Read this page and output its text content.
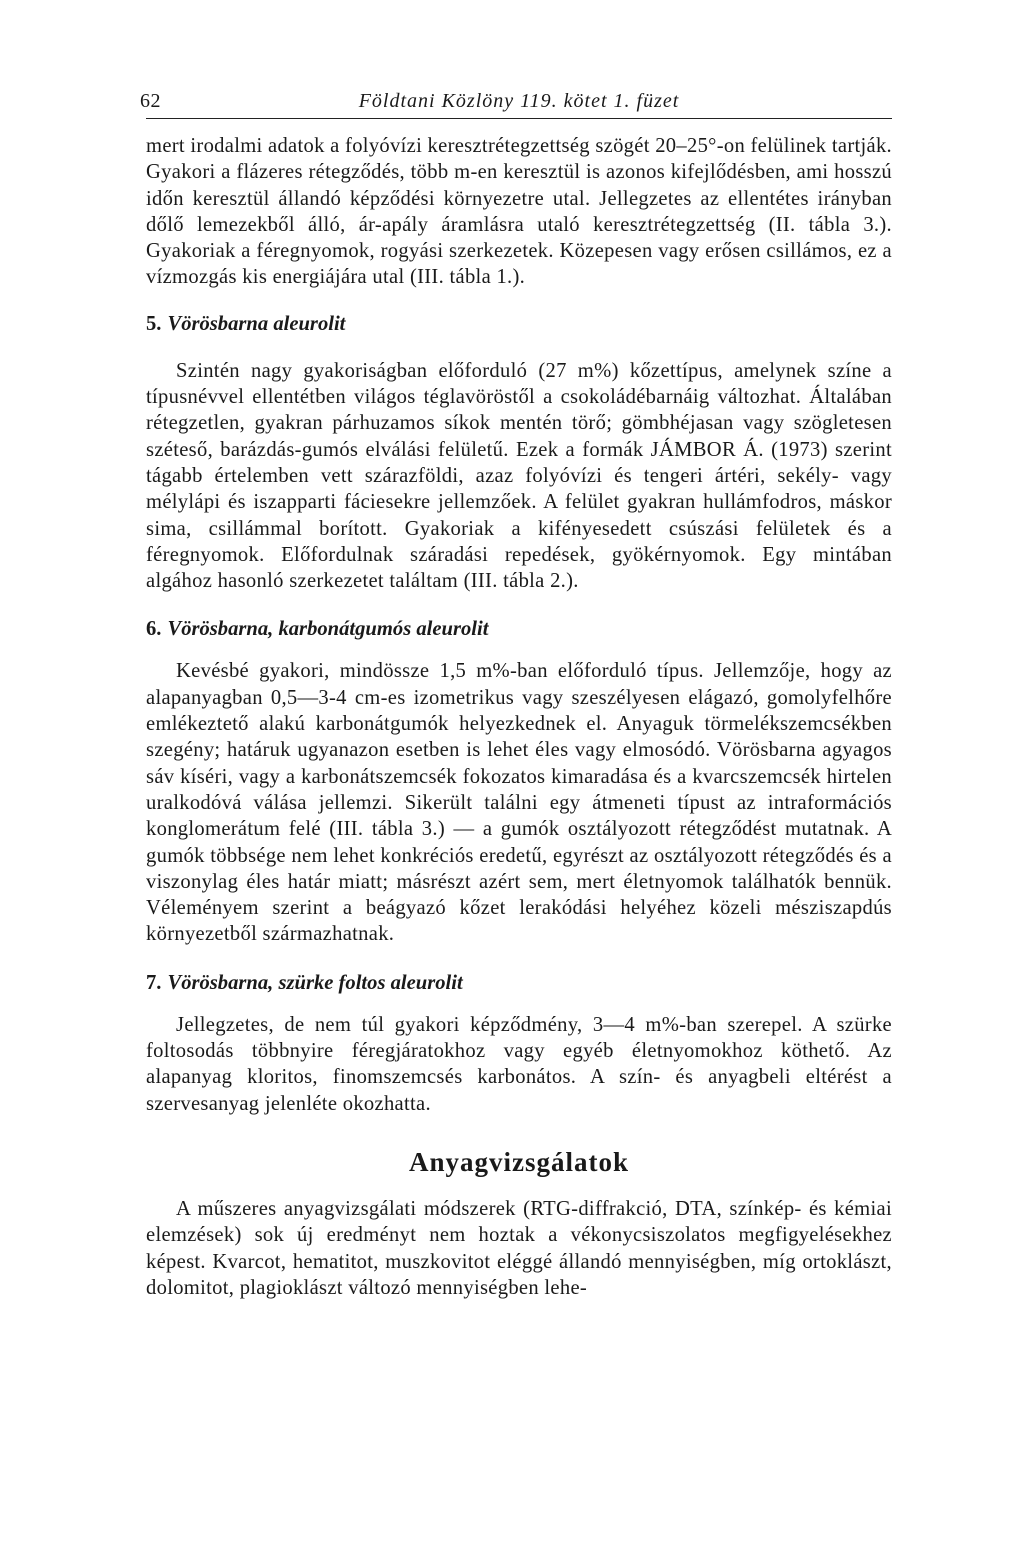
62	Földtani Közlöny 119. kötet 1. füzet

mert irodalmi adatok a folyóvízi keresztrétegzettség szögét 20–25°-on felülinek tartják. Gyakori a flázeres rétegződés, több m-en keresztül is azonos kifejlődésben, ami hosszú időn keresztül állandó képződési környezetre utal. Jellegzetes az ellentétes irányban dőlő lemezekből álló, ár-apály áramlásra utaló keresztrétegzettség (II. tábla 3.). Gyakoriak a féregnyomok, rogyási szerkezetek. Közepesen vagy erősen csillámos, ez a vízmozgás kis energiájára utal (III. tábla 1.).

5. Vörösbarna aleurolit

Szintén nagy gyakoriságban előforduló (27 m%) kőzettípus, amelynek színe a típusnévvel ellentétben világos téglavöröstől a csokoládébarnáig változhat. Általában rétegzetlen, gyakran párhuzamos síkok mentén törő; gömbhéjasan vagy szögletesen széteső, barázdás-gumós elválási felületű. Ezek a formák JÁMBOR Á. (1973) szerint tágabb értelemben vett szárazföldi, azaz folyóvízi és tengeri ártéri, sekély- vagy mélylápi és iszapparti fáciesekre jellemzőek. A felület gyakran hullámfodros, máskor sima, csillámmal borított. Gyakoriak a kifényesedett csúszási felületek és a féregnyomok. Előfordulnak száradási repedések, gyökérnyomok. Egy mintában algához hasonló szerkezetet találtam (III. tábla 2.).

6. Vörösbarna, karbonátgumós aleurolit

Kevésbé gyakori, mindössze 1,5 m%-ban előforduló típus. Jellemzője, hogy az alapanyagban 0,5—3-4 cm-es izometrikus vagy szeszélyesen elágazó, gomolyfelhőre emlékeztető alakú karbonátgumók helyezkednek el. Anyaguk törmelékszemcsékben szegény; határuk ugyanazon esetben is lehet éles vagy elmosódó. Vörösbarna agyagos sáv kíséri, vagy a karbonátszemcsék fokozatos kimaradása és a kvarcszemcsék hirtelen uralkodóvá válása jellemzi. Sikerült találni egy átmeneti típust az intraformációs konglomerátum felé (III. tábla 3.) — a gumók osztályozott rétegződést mutatnak. A gumók többsége nem lehet konkréciós eredetű, egyrészt az osztályozott rétegződés és a viszonylag éles határ miatt; másrészt azért sem, mert életnyomok találhatók bennük. Véleményem szerint a beágyazó kőzet lerakódási helyéhez közeli mésziszapdús környezetből származhatnak.

7. Vörösbarna, szürke foltos aleurolit

Jellegzetes, de nem túl gyakori képződmény, 3—4 m%-ban szerepel. A szürke foltosodás többnyire féregjáratokhoz vagy egyéb életnyomokhoz köthető. Az alapanyag kloritos, finomszemcsés karbonátos. A szín- és anyagbeli eltérést a szervesanyag jelenléte okozhatta.

Anyagvizsgálatok

A műszeres anyagvizsgálati módszerek (RTG-diffrakció, DTA, színkép- és kémiai elemzések) sok új eredményt nem hoztak a vékonycsiszolatos megfigyelésekhez képest. Kvarcot, hematitot, muszkovitot eléggé állandó mennyiségben, míg ortoklászt, dolomitot, plagioklászt változó mennyiségben lehe-
